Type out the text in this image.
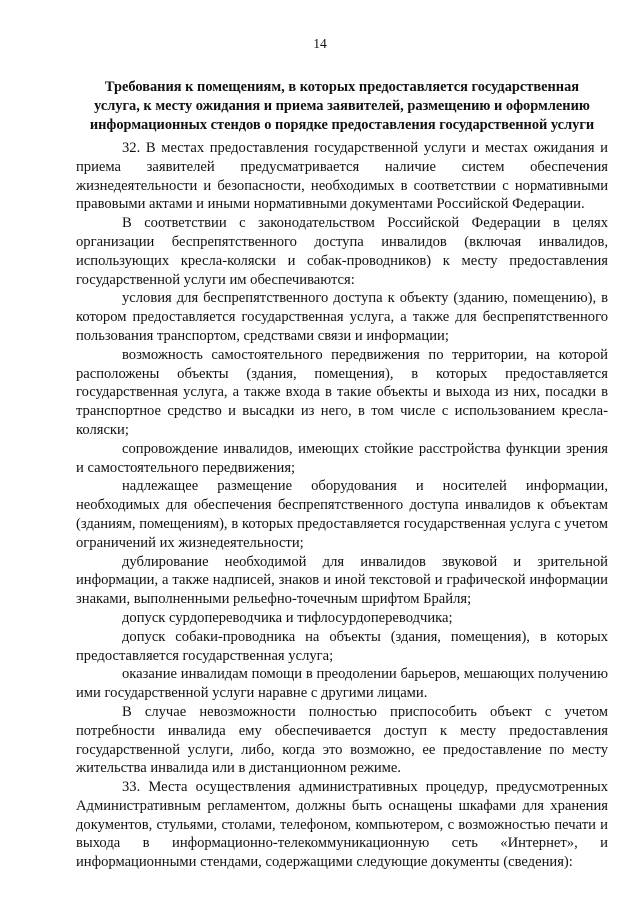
14
Требования к помещениям, в которых предоставляется государственная
услуга, к месту ожидания и приема заявителей, размещению и оформлению
информационных стендов о порядке предоставления государственной услуги

32. В местах предоставления государственной услуги и местах ожидания и приема заявителей предусматривается наличие систем обеспечения жизнедеятельности и безопасности, необходимых в соответствии с нормативными правовыми актами и иными нормативными документами Российской Федерации.

В соответствии с законодательством Российской Федерации в целях организации беспрепятственного доступа инвалидов (включая инвалидов, использующих кресла-коляски и собак-проводников) к месту предоставления государственной услуги им обеспечиваются:

условия для беспрепятственного доступа к объекту (зданию, помещению), в котором предоставляется государственная услуга, а также для беспрепятственного пользования транспортом, средствами связи и информации;

возможность самостоятельного передвижения по территории, на которой расположены объекты (здания, помещения), в которых предоставляется государственная услуга, а также входа в такие объекты и выхода из них, посадки в транспортное средство и высадки из него, в том числе с использованием кресла-коляски;

сопровождение инвалидов, имеющих стойкие расстройства функции зрения и самостоятельного передвижения;

надлежащее размещение оборудования и носителей информации, необходимых для обеспечения беспрепятственного доступа инвалидов к объектам (зданиям, помещениям), в которых предоставляется государственная услуга с учетом ограничений их жизнедеятельности;

дублирование необходимой для инвалидов звуковой и зрительной информации, а также надписей, знаков и иной текстовой и графической информации знаками, выполненными рельефно-точечным шрифтом Брайля;

допуск сурдопереводчика и тифлосурдопереводчика;

допуск собаки-проводника на объекты (здания, помещения), в которых предоставляется государственная услуга;

оказание инвалидам помощи в преодолении барьеров, мешающих получению ими государственной услуги наравне с другими лицами.

В случае невозможности полностью приспособить объект с учетом потребности инвалида ему обеспечивается доступ к месту предоставления государственной услуги, либо, когда это возможно, ее предоставление по месту жительства инвалида или в дистанционном режиме.

33. Места осуществления административных процедур, предусмотренных Административным регламентом, должны быть оснащены шкафами для хранения документов, стульями, столами, телефоном, компьютером, с возможностью печати и выхода в информационно-телекоммуникационную сеть «Интернет», и информационными стендами, содержащими следующие документы (сведения):
